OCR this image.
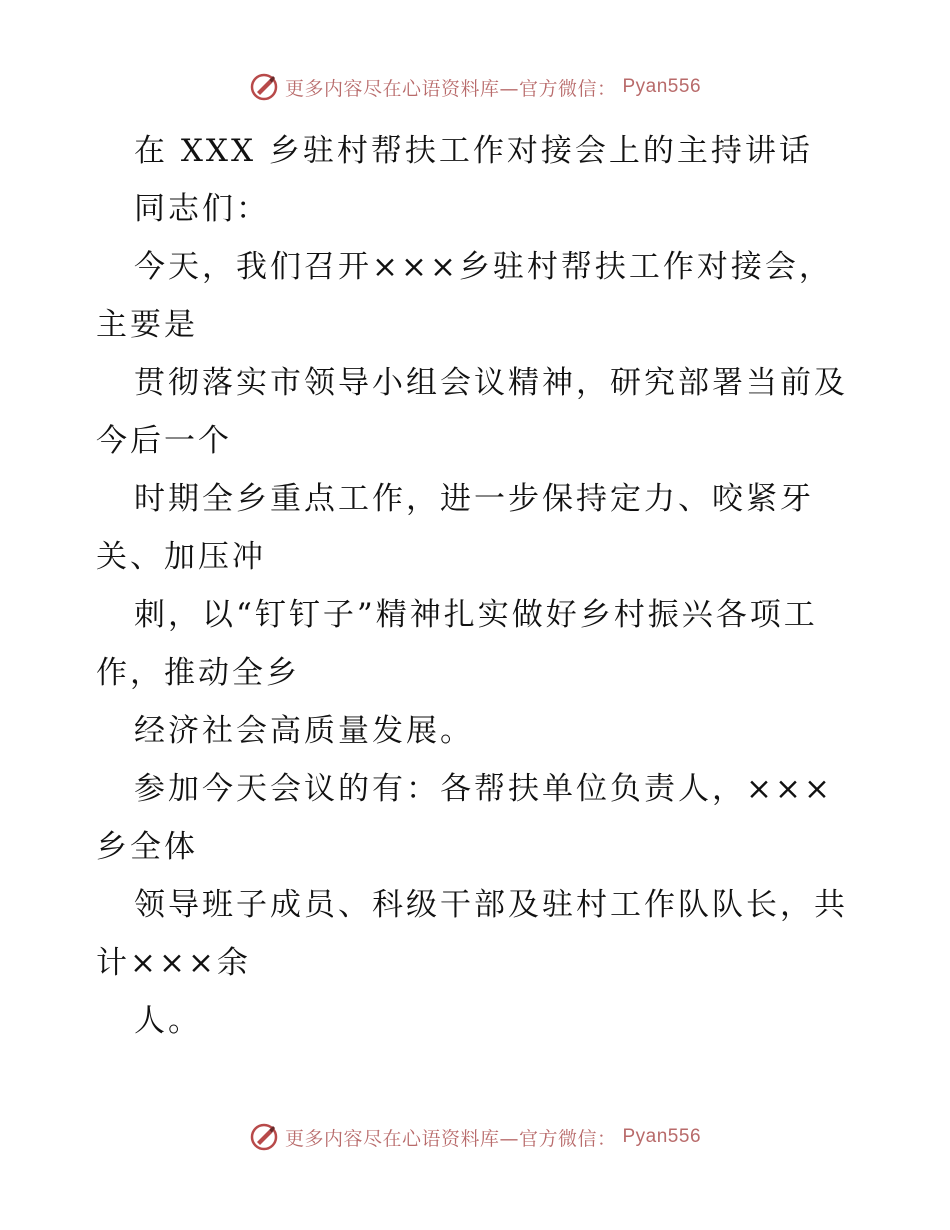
更多内容尽在心语资料库—官方微信： Pyan556
在 XXX 乡驻村帮扶工作对接会上的主持讲话
同志们：
今天，我们召开×××乡驻村帮扶工作对接会，
主要是
贯彻落实市领导小组会议精神，研究部署当前及
今后一个
时期全乡重点工作，进一步保持定力、咬紧牙
关、加压冲
刺，以“钉钉子”精神扎实做好乡村振兴各项工
作，推动全乡
经济社会高质量发展。
参加今天会议的有：各帮扶单位负责人，×××
乡全体
领导班子成员、科级干部及驻村工作队队长，共
计×××余
人。
更多内容尽在心语资料库—官方微信： Pyan556
